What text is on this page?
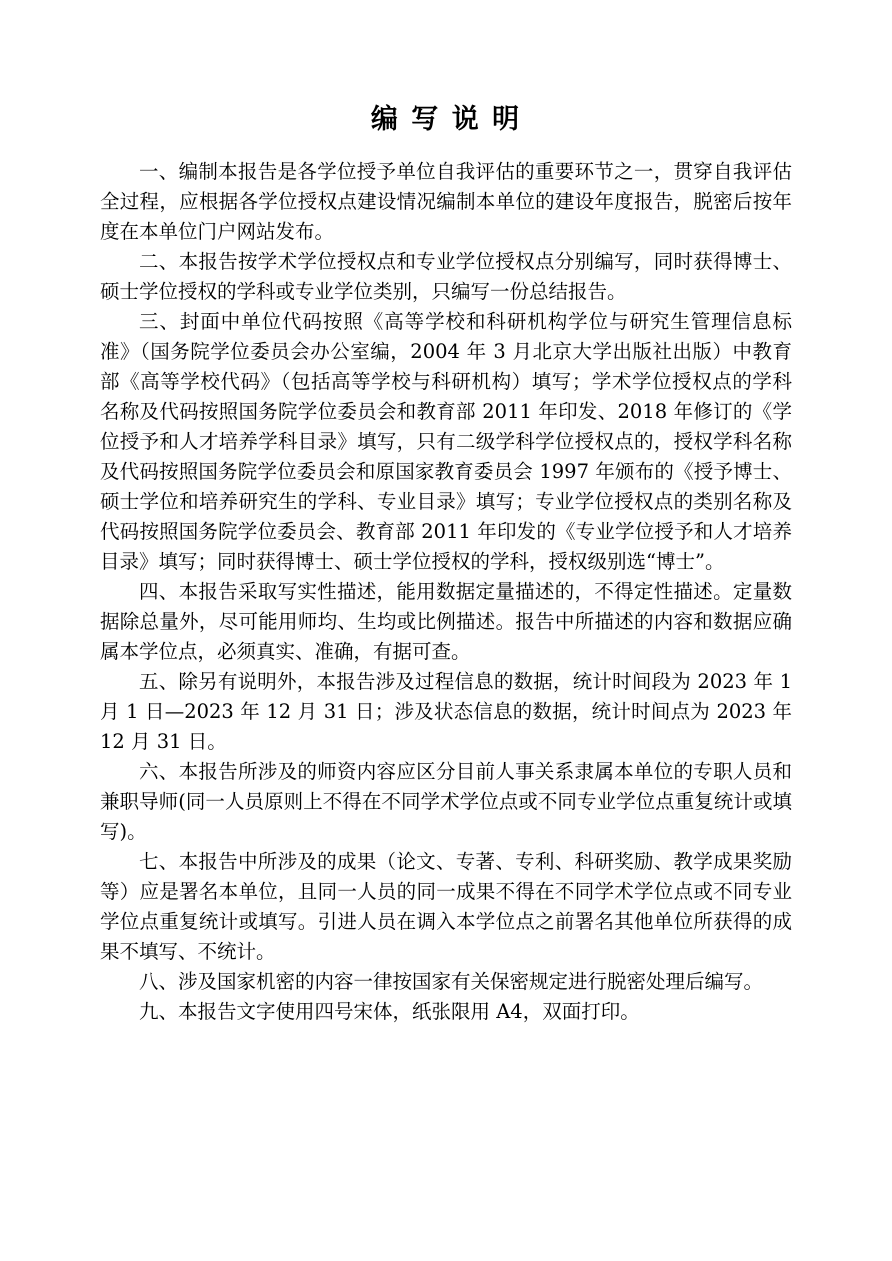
编 写 说 明

一、编制本报告是各学位授予单位自我评估的重要环节之一，贯穿自我评估全过程，应根据各学位授权点建设情况编制本单位的建设年度报告，脱密后按年度在本单位门户网站发布。

二、本报告按学术学位授权点和专业学位授权点分别编写，同时获得博士、硕士学位授权的学科或专业学位类别，只编写一份总结报告。

三、封面中单位代码按照《高等学校和科研机构学位与研究生管理信息标准》（国务院学位委员会办公室编，2004 年 3 月北京大学出版社出版）中教育部《高等学校代码》（包括高等学校与科研机构）填写；学术学位授权点的学科名称及代码按照国务院学位委员会和教育部 2011 年印发、2018 年修订的《学位授予和人才培养学科目录》填写，只有二级学科学位授权点的，授权学科名称及代码按照国务院学位委员会和原国家教育委员会 1997 年颁布的《授予博士、硕士学位和培养研究生的学科、专业目录》填写；专业学位授权点的类别名称及代码按照国务院学位委员会、教育部 2011 年印发的《专业学位授予和人才培养目录》填写；同时获得博士、硕士学位授权的学科，授权级别选“博士”。

四、本报告采取写实性描述，能用数据定量描述的，不得定性描述。定量数据除总量外，尽可能用师均、生均或比例描述。报告中所描述的内容和数据应确属本学位点，必须真实、准确，有据可查。

五、除另有说明外，本报告涉及过程信息的数据，统计时间段为 2023 年 1 月 1 日—2023 年 12 月 31 日；涉及状态信息的数据，统计时间点为 2023 年 12 月 31 日。

六、本报告所涉及的师资内容应区分目前人事关系隶属本单位的专职人员和兼职导师(同一人员原则上不得在不同学术学位点或不同专业学位点重复统计或填写)。

七、本报告中所涉及的成果（论文、专著、专利、科研奖励、教学成果奖励等）应是署名本单位，且同一人员的同一成果不得在不同学术学位点或不同专业学位点重复统计或填写。引进人员在调入本学位点之前署名其他单位所获得的成果不填写、不统计。

八、涉及国家机密的内容一律按国家有关保密规定进行脱密处理后编写。

九、本报告文字使用四号宋体，纸张限用 A4，双面打印。
